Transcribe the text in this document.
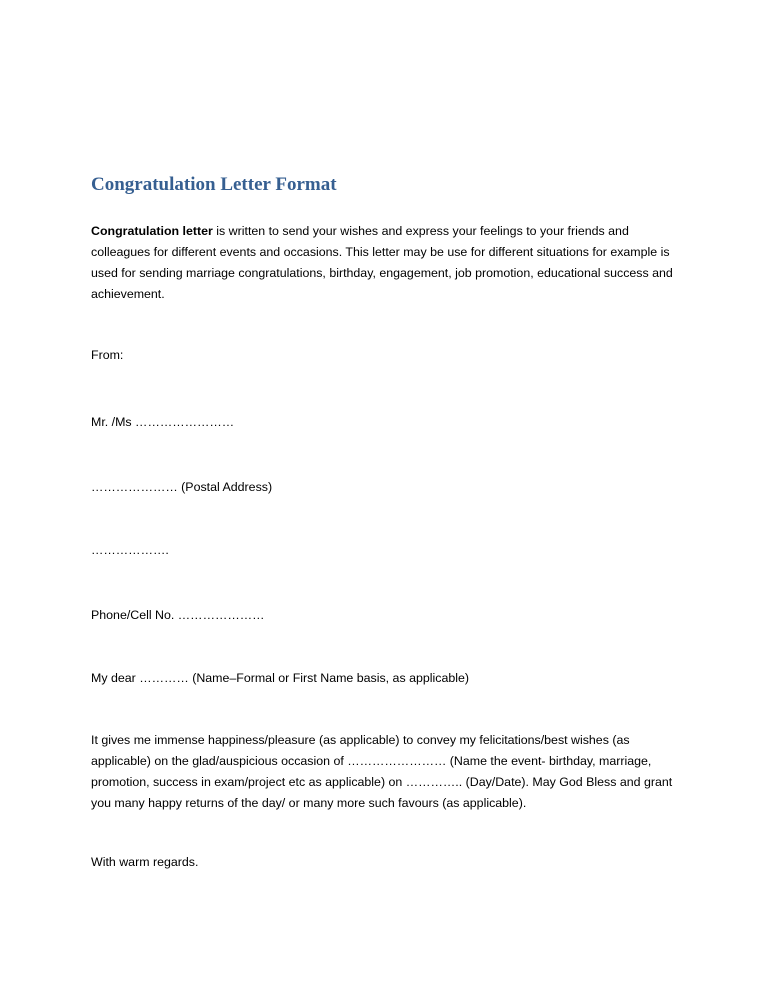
Congratulation Letter Format

Congratulation letter is written to send your wishes and express your feelings to your friends and colleagues for different events and occasions. This letter may be use for different situations for example is used for sending marriage congratulations, birthday, engagement, job promotion, educational success and achievement.

From:

Mr. /Ms ……………………

………………… (Postal Address)

……………….

Phone/Cell No. …………………

My dear ………… (Name–Formal or First Name basis, as applicable)

It gives me immense happiness/pleasure (as applicable) to convey my felicitations/best wishes (as applicable) on the glad/auspicious occasion of …………………… (Name the event- birthday, marriage, promotion, success in exam/project etc as applicable) on ………….. (Day/Date). May God Bless and grant you many happy returns of the day/ or many more such favours (as applicable).

With warm regards.
